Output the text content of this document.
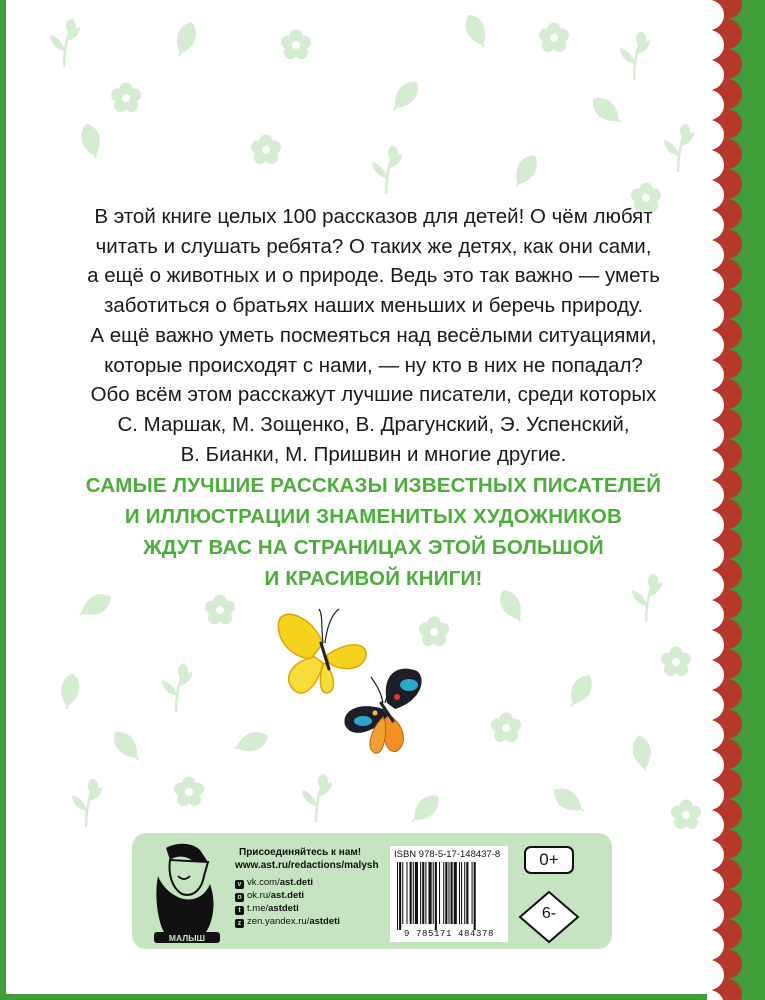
В этой книге целых 100 рассказов для детей! О чём любят
читать и слушать ребята? О таких же детях, как они сами,
а ещё о животных и о природе. Ведь это так важно — уметь
заботиться о братьях наших меньших и беречь природу.
А ещё важно уметь посмеяться над весёлыми ситуациями,
которые происходят с нами, — ну кто в них не попадал?
Обо всём этом расскажут лучшие писатели, среди которых
С. Маршак, М. Зощенко, В. Драгунский, Э. Успенский,
В. Бианки, М. Пришвин и многие другие.
САМЫЕ ЛУЧШИЕ РАССКАЗЫ ИЗВЕСТНЫХ ПИСАТЕЛЕЙ
И ИЛЛЮСТРАЦИИ ЗНАМЕНИТЫХ ХУДОЖНИКОВ
ЖДУТ ВАС НА СТРАНИЦАХ ЭТОЙ БОЛЬШОЙ
И КРАСИВОЙ КНИГИ!
МАЛЫШ
Присоединяйтесь к нам!
www.ast.ru/redactions/malysh
v vk.com/ast.deti
o ok.ru/ast.deti
t t.me/astdeti
z zen.yandex.ru/astdeti
ISBN 978-5-17-148437-8
9 785171 484378
0+
6-
